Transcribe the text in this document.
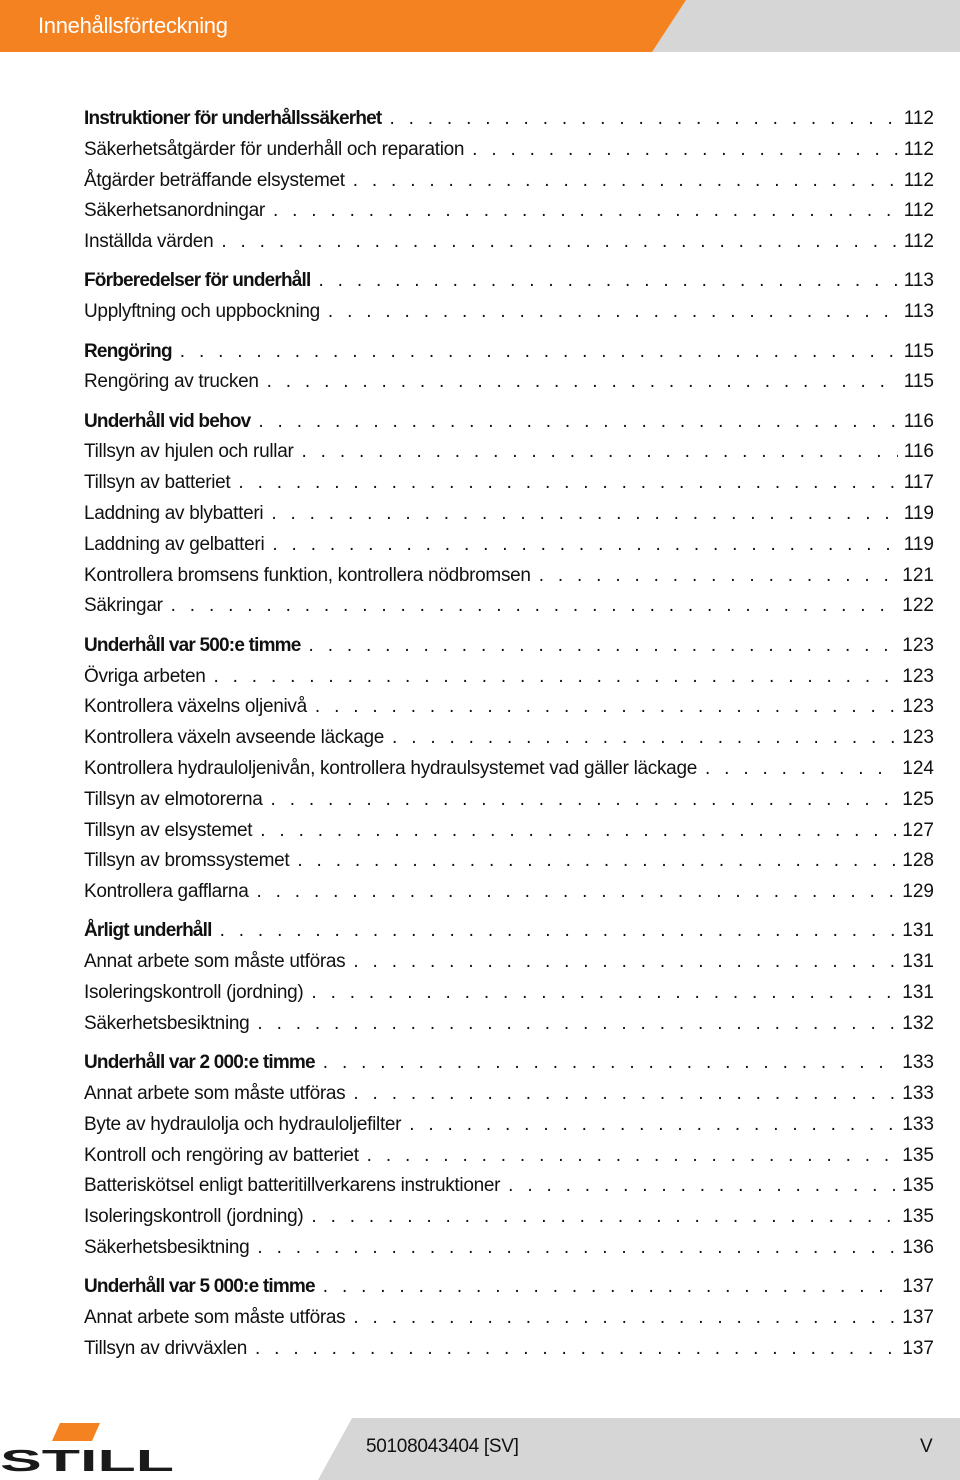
Innehållsförteckning
Instruktioner för underhållssäkerhet . . .	112
Säkerhetsåtgärder för underhåll och reparation . . .	112
Åtgärder beträffande elsystemet . . .	112
Säkerhetsanordningar . . .	112
Inställda värden . . .	112
Förberedelser för underhåll . . .	113
Upplyftning och uppbockning . . .	113
Rengöring . . .	115
Rengöring av trucken . . .	115
Underhåll vid behov . . .	116
Tillsyn av hjulen och rullar . . .	116
Tillsyn av batteriet . . .	117
Laddning av blybatteri . . .	119
Laddning av gelbatteri . . .	119
Kontrollera bromsens funktion, kontrollera nödbromsen . . .	121
Säkringar . . .	122
Underhåll var 500:e timme . . .	123
Övriga arbeten . . .	123
Kontrollera växelns oljenivå . . .	123
Kontrollera växeln avseende läckage . . .	123
Kontrollera hydrauloljenivån, kontrollera hydraulsystemet vad gäller läckage . . .	124
Tillsyn av elmotorerna . . .	125
Tillsyn av elsystemet . . .	127
Tillsyn av bromssystemet . . .	128
Kontrollera gafflarna . . .	129
Årligt underhåll . . .	131
Annat arbete som måste utföras . . .	131
Isoleringskontroll (jordning) . . .	131
Säkerhetsbesiktning . . .	132
Underhåll var 2 000:e timme . . .	133
Annat arbete som måste utföras . . .	133
Byte av hydraulolja och hydrauloljefilter . . .	133
Kontroll och rengöring av batteriet . . .	135
Batteriskötsel enligt batteritillverkarens instruktioner . . .	135
Isoleringskontroll (jordning) . . .	135
Säkerhetsbesiktning . . .	136
Underhåll var 5 000:e timme . . .	137
Annat arbete som måste utföras . . .	137
Tillsyn av drivväxlen . . .	137
STILL	50108043404 [SV]	V
